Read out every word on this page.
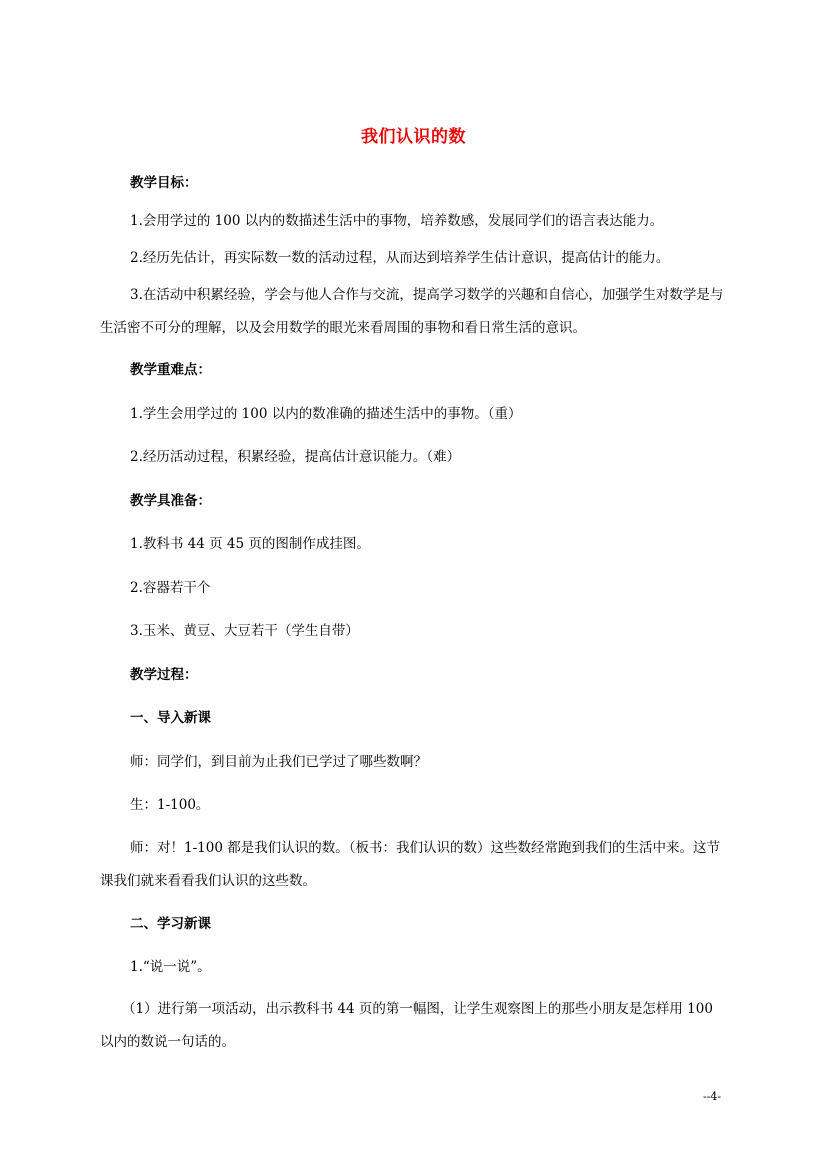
我们认识的数
教学目标：
1.会用学过的 100 以内的数描述生活中的事物，培养数感，发展同学们的语言表达能力。
2.经历先估计，再实际数一数的活动过程，从而达到培养学生估计意识，提高估计的能力。
3.在活动中积累经验，学会与他人合作与交流，提高学习数学的兴趣和自信心，加强学生对数学是与生活密不可分的理解，以及会用数学的眼光来看周围的事物和看日常生活的意识。
教学重难点：
1.学生会用学过的 100 以内的数准确的描述生活中的事物。（重）
2.经历活动过程，积累经验，提高估计意识能力。（难）
教学具准备：
1.教科书 44 页 45 页的图制作成挂图。
2.容器若干个
3.玉米、黄豆、大豆若干（学生自带）
教学过程：
一、导入新课
师：同学们，到目前为止我们已学过了哪些数啊？
生：1-100。
师：对！1-100 都是我们认识的数。（板书：我们认识的数）这些数经常跑到我们的生活中来。这节课我们就来看看我们认识的这些数。
二、学习新课
1.“说一说”。
（1）进行第一项活动，出示教科书 44 页的第一幅图，让学生观察图上的那些小朋友是怎样用 100 以内的数说一句话的。
--4-
